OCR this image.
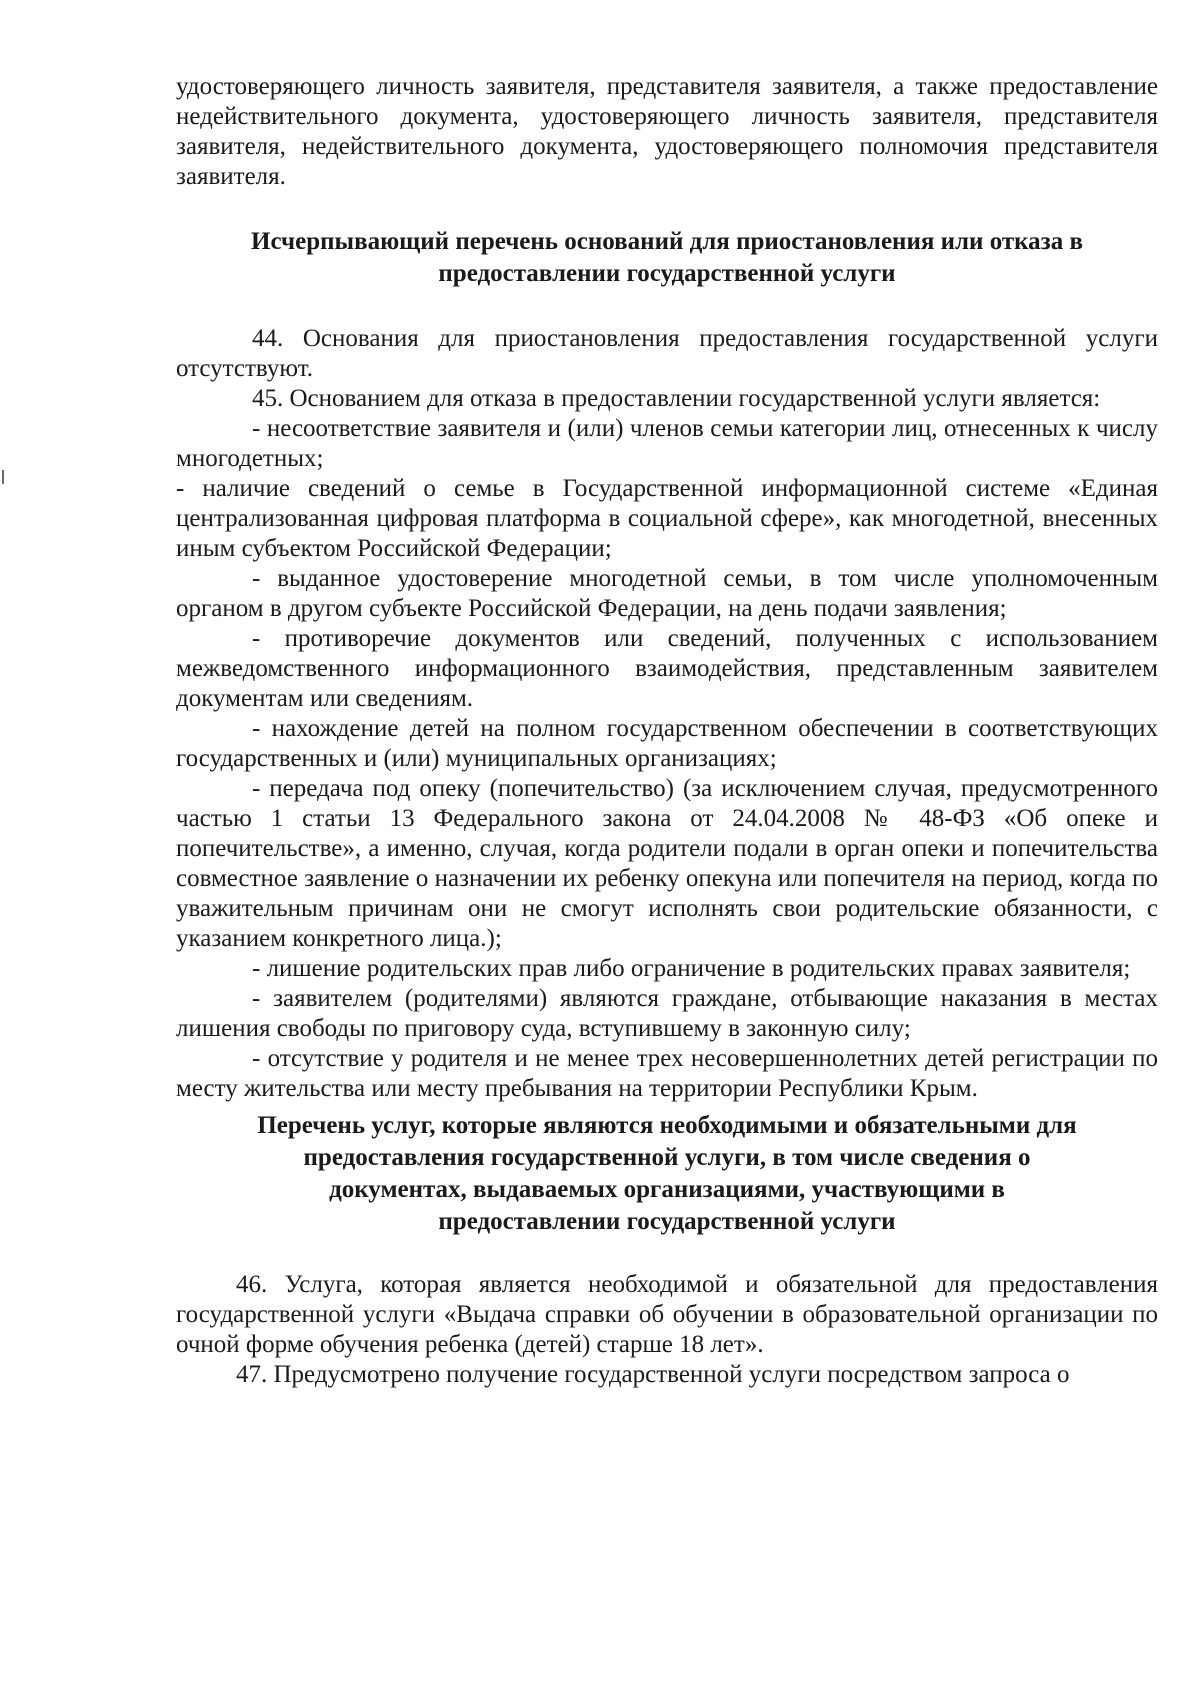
удостоверяющего личность заявителя, представителя заявителя, а также предоставление недействительного документа, удостоверяющего личность заявителя, представителя заявителя, недействительного документа, удостоверяющего полномочия представителя заявителя.

Исчерпывающий перечень оснований для приостановления или отказа в предоставлении государственной услуги

44. Основания для приостановления предоставления государственной услуги отсутствуют.

45. Основанием для отказа в предоставлении государственной услуги является:

- несоответствие заявителя и (или) членов семьи категории лиц, отнесенных к числу многодетных;

- наличие сведений о семье в Государственной информационной системе «Единая централизованная цифровая платформа в социальной сфере», как многодетной, внесенных иным субъектом Российской Федерации;

- выданное удостоверение многодетной семьи, в том числе уполномоченным органом в другом субъекте Российской Федерации, на день подачи заявления;

- противоречие документов или сведений, полученных с использованием межведомственного информационного взаимодействия, представленным заявителем документам или сведениям.

- нахождение детей на полном государственном обеспечении в соответствующих государственных и (или) муниципальных организациях;

- передача под опеку (попечительство) (за исключением случая, предусмотренного частью 1 статьи 13 Федерального закона от 24.04.2008 № 48-ФЗ «Об опеке и попечительстве», а именно, случая, когда родители подали в орган опеки и попечительства совместное заявление о назначении их ребенку опекуна или попечителя на период, когда по уважительным причинам они не смогут исполнять свои родительские обязанности, с указанием конкретного лица.);

- лишение родительских прав либо ограничение в родительских правах заявителя;

- заявителем (родителями) являются граждане, отбывающие наказания в местах лишения свободы по приговору суда, вступившему в законную силу;

- отсутствие у родителя и не менее трех несовершеннолетних детей регистрации по месту жительства или месту пребывания на территории Республики Крым.

Перечень услуг, которые являются необходимыми и обязательными для предоставления государственной услуги, в том числе сведения о документах, выдаваемых организациями, участвующими в предоставлении государственной услуги

46. Услуга, которая является необходимой и обязательной для предоставления государственной услуги «Выдача справки об обучении в образовательной организации по очной форме обучения ребенка (детей) старше 18 лет».

47. Предусмотрено получение государственной услуги посредством запроса о
